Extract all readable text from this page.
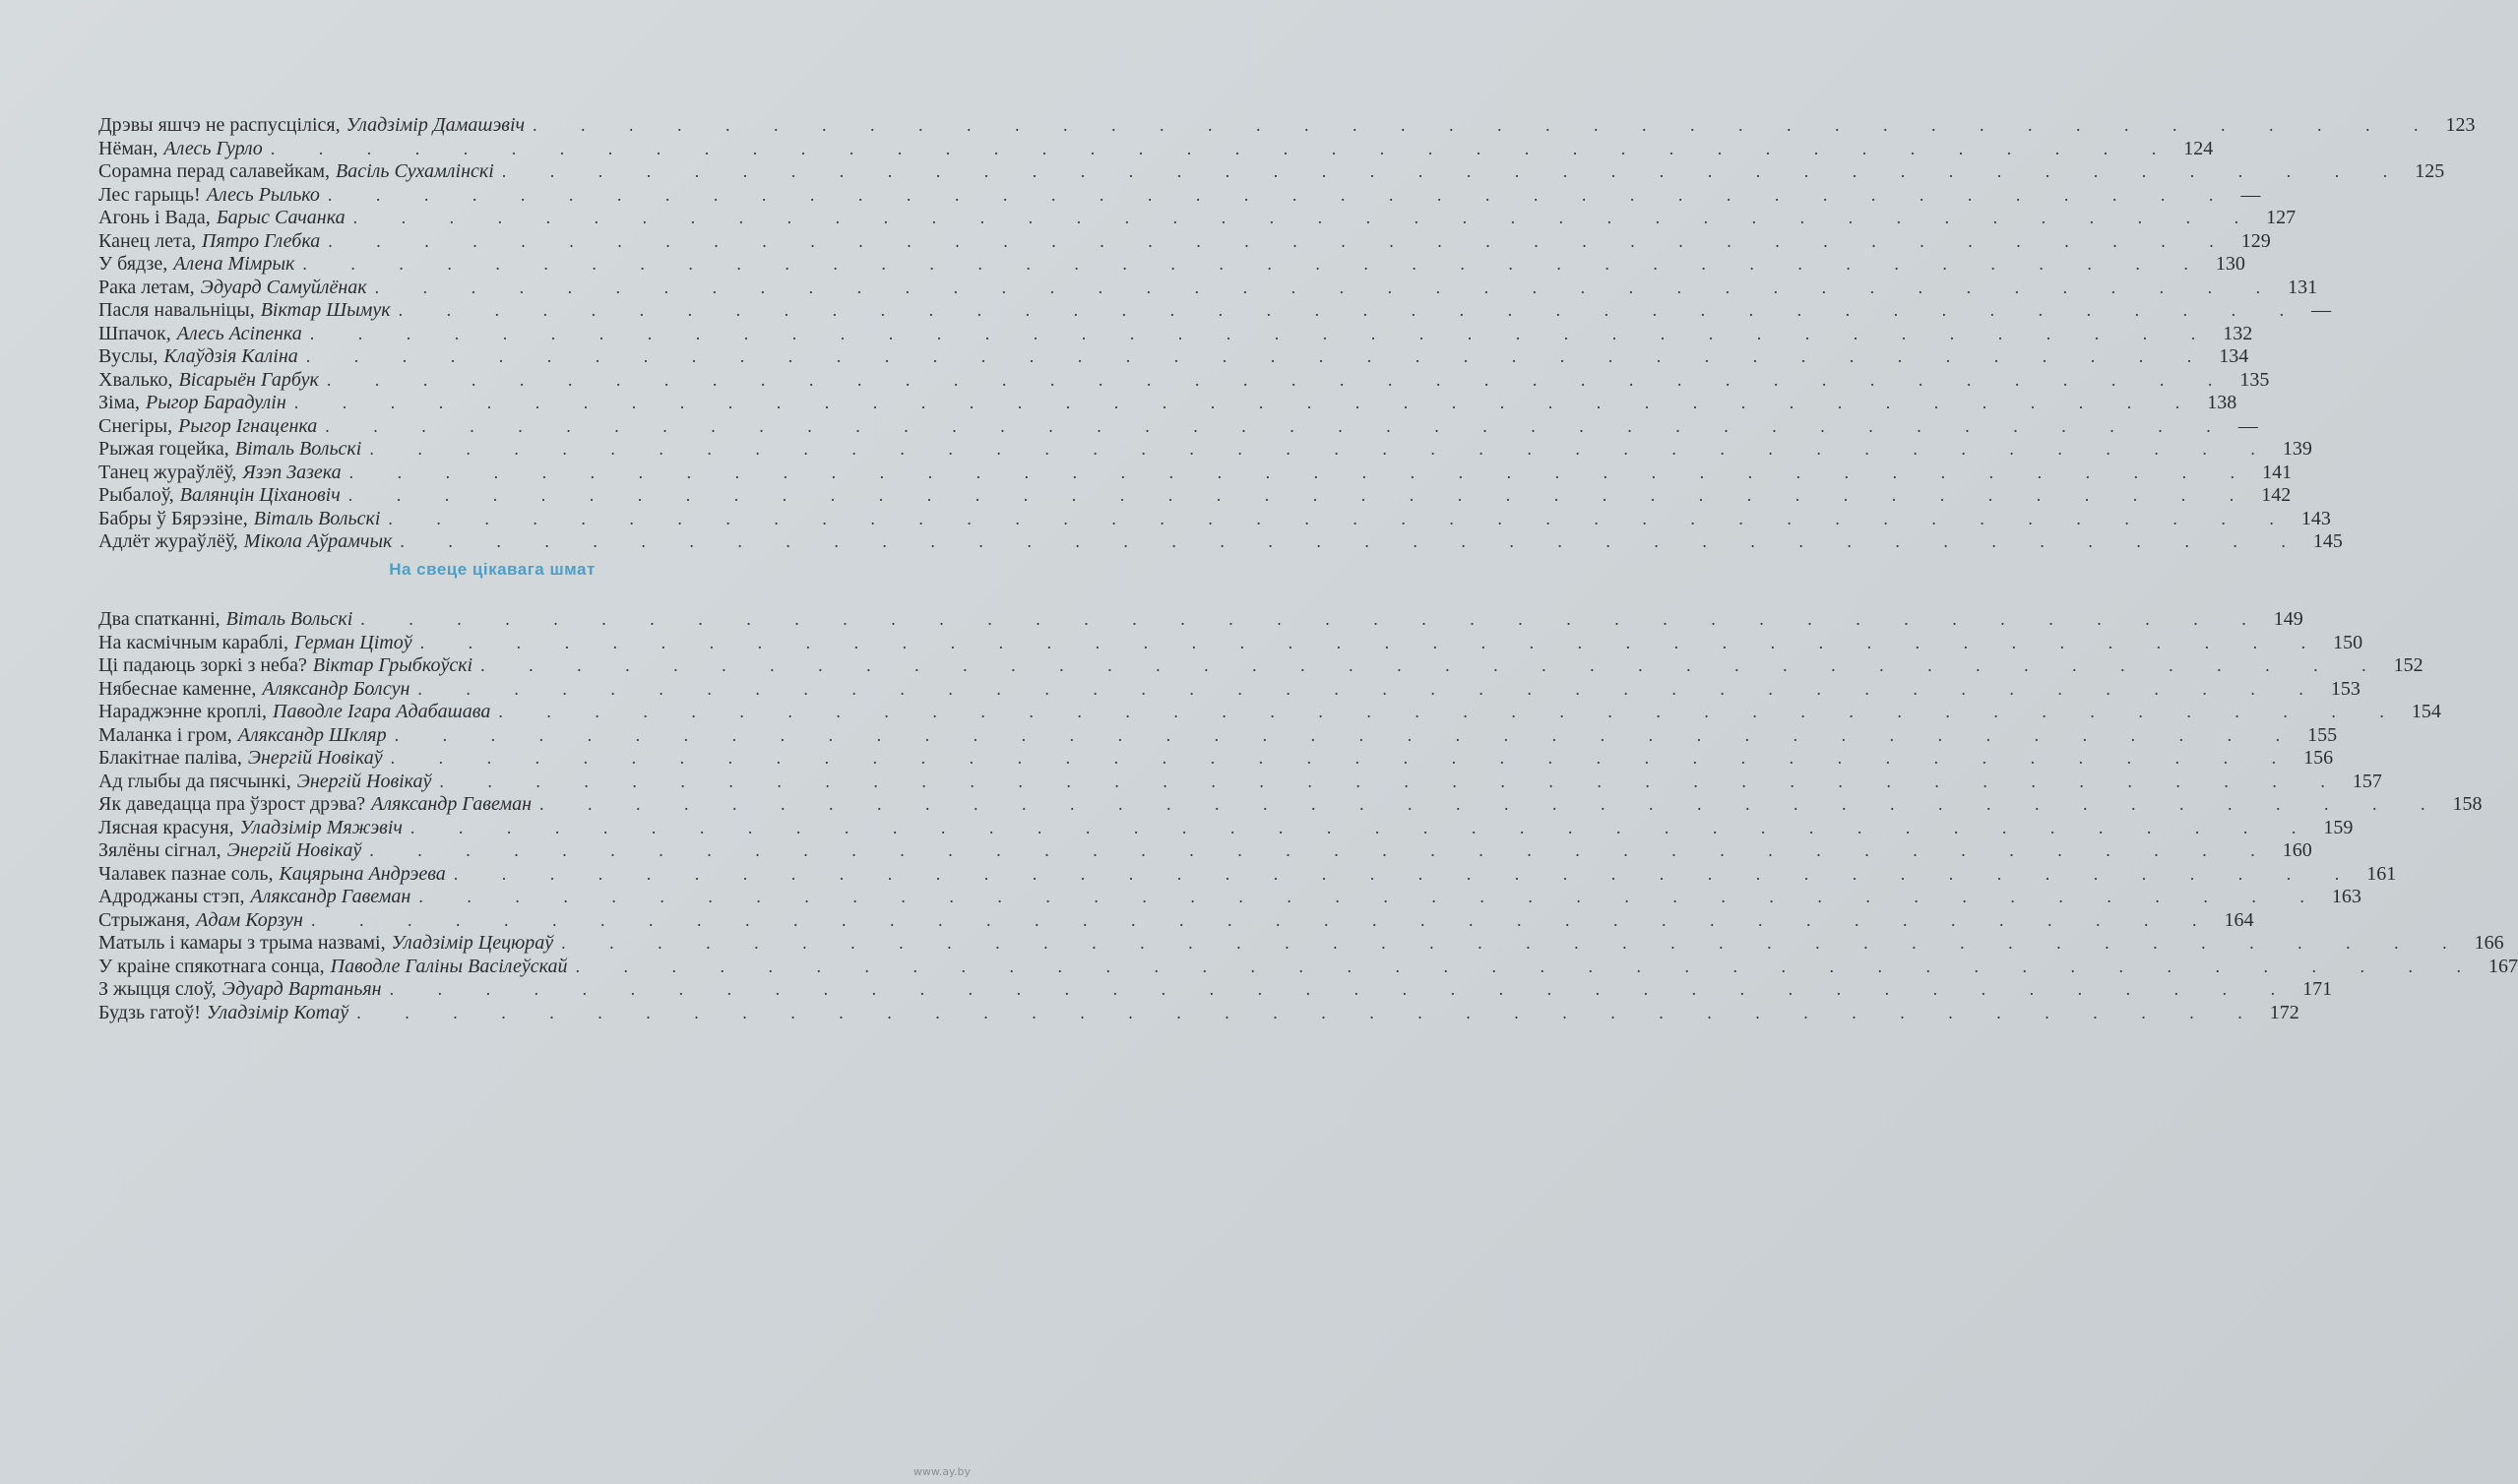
Дрэвы яшчэ не распусціліся, Уладзімір Дамашэвіч . . . . . . . . . . . . . . . . . . . . . . . . . . . . . . . . . . . . . . . . 123
Нёман, Алесь Гурло . . . . . . . . . . . . . . . . . . . . . . . . . . . . . . . . . . . . . . . . 124
Сорамна перад салавейкам, Васіль Сухамлінскі . . . . . . . . . . . . . . . . . . . . . . . . . . . . . . . . . . . . . . . . 125
Лес гарыць! Алесь Рылько . . . . . . . . . . . . . . . . . . . . . . . . . . . . . . . . . . . . . . . . —
Агонь і Вада, Барыс Сачанка . . . . . . . . . . . . . . . . . . . . . . . . . . . . . . . . . . . . . . . . 127
Канец лета, Пятро Глебка . . . . . . . . . . . . . . . . . . . . . . . . . . . . . . . . . . . . . . . . 129
У бядзе, Алена Мімрык . . . . . . . . . . . . . . . . . . . . . . . . . . . . . . . . . . . . . . . . 130
Рака летам, Эдуард Самуйлёнак . . . . . . . . . . . . . . . . . . . . . . . . . . . . . . . . . . . . . . . . 131
Пасля навальніцы, Віктар Шымук . . . . . . . . . . . . . . . . . . . . . . . . . . . . . . . . . . . . . . . . —
Шпачок, Алесь Асіпенка . . . . . . . . . . . . . . . . . . . . . . . . . . . . . . . . . . . . . . . . 132
Вуслы, Клаўдзія Каліна . . . . . . . . . . . . . . . . . . . . . . . . . . . . . . . . . . . . . . . . 134
Хвалько, Вісарыён Гарбук . . . . . . . . . . . . . . . . . . . . . . . . . . . . . . . . . . . . . . . . 135
Зіма, Рыгор Барадулін . . . . . . . . . . . . . . . . . . . . . . . . . . . . . . . . . . . . . . . . 138
Снегіры, Рыгор Ігнаценка . . . . . . . . . . . . . . . . . . . . . . . . . . . . . . . . . . . . . . . . —
Рыжая гоцейка, Віталь Вольскі . . . . . . . . . . . . . . . . . . . . . . . . . . . . . . . . . . . . . . . . 139
Танец жураўлёў, Язэп Зазека . . . . . . . . . . . . . . . . . . . . . . . . . . . . . . . . . . . . . . . . 141
Рыбалоў, Валянцін Ціхановіч . . . . . . . . . . . . . . . . . . . . . . . . . . . . . . . . . . . . . . . . 142
Бабры ў Бярэзіне, Віталь Вольскі . . . . . . . . . . . . . . . . . . . . . . . . . . . . . . . . . . . . . . . . 143
Адлёт жураўлёў, Мікола Аўрамчык . . . . . . . . . . . . . . . . . . . . . . . . . . . . . . . . . . . . . . . . 145
На свеце цікавага шмат
Два спатканні, Віталь Вольскі . . . . . . . . . . . . . . . . . . . . . . . . . . . . . . . . . . . . . . . . 149
На касмічным караблі, Герман Цітоў . . . . . . . . . . . . . . . . . . . . . . . . . . . . . . . . . . . . . . . . 150
Ці падаюць зоркі з неба? Віктар Грыбкоўскі . . . . . . . . . . . . . . . . . . . . . . . . . . . . . . . . . . . . . . . . 152
Нябеснае каменне, Аляксандр Болсун . . . . . . . . . . . . . . . . . . . . . . . . . . . . . . . . . . . . . . . . 153
Нараджэнне кроплі, Паводле Ігара Адабашава . . . . . . . . . . . . . . . . . . . . . . . . . . . . . . . . . . . . . . . . 154
Маланка і гром, Аляксандр Шкляр . . . . . . . . . . . . . . . . . . . . . . . . . . . . . . . . . . . . . . . . 155
Блакітнае паліва, Энергій Новікаў . . . . . . . . . . . . . . . . . . . . . . . . . . . . . . . . . . . . . . . . 156
Ад глыбы да пясчынкі, Энергій Новікаў . . . . . . . . . . . . . . . . . . . . . . . . . . . . . . . . . . . . . . . . 157
Як даведацца пра ўзрост дрэва? Аляксандр Гавеман . . . . . . . . . . . . . . . . . . . . . . . . . . . . . . . . . . . . . . . . 158
Лясная красуня, Уладзімір Мяжэвіч . . . . . . . . . . . . . . . . . . . . . . . . . . . . . . . . . . . . . . . . 159
Зялёны сігнал, Энергій Новікаў . . . . . . . . . . . . . . . . . . . . . . . . . . . . . . . . . . . . . . . . 160
Чалавек пазнае соль, Кацярына Андрэева . . . . . . . . . . . . . . . . . . . . . . . . . . . . . . . . . . . . . . . . 161
Адроджаны стэп, Аляксандр Гавеман . . . . . . . . . . . . . . . . . . . . . . . . . . . . . . . . . . . . . . . . 163
Стрыжаня, Адам Корзун . . . . . . . . . . . . . . . . . . . . . . . . . . . . . . . . . . . . . . . . 164
Матыль і камары з трыма назвамі, Уладзімір Цецюраў . . . . . . . . . . . . . . . . . . . . . . . . . . . . . . . . . . . . . . . . 166
У краіне спякотнага сонца, Паводле Галіны Васілеўскай . . . . . . . . . . . . . . . . . . . . . . . . . . . . . . . . . . . . . . . . 167
З жыцця слоў, Эдуард Вартаньян . . . . . . . . . . . . . . . . . . . . . . . . . . . . . . . . . . . . . . . . 171
Будзь гатоў! Уладзімір Котаў . . . . . . . . . . . . . . . . . . . . . . . . . . . . . . . . . . . . . . . . 172
www.ay.by
